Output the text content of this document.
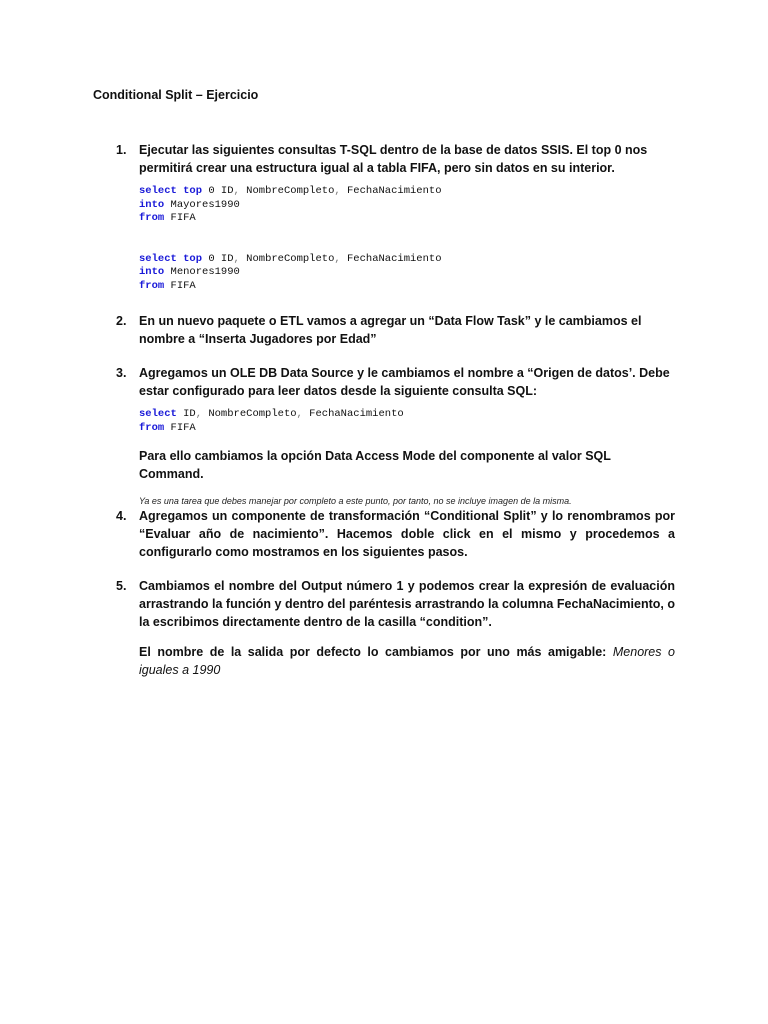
Conditional Split – Ejercicio
1.	Ejecutar las siguientes consultas T-SQL dentro de la base de datos SSIS. El top 0 nos permitirá crear una estructura igual al a tabla FIFA, pero sin datos en su interior.

select top 0 ID, NombreCompleto, FechaNacimiento
into Mayores1990
from FIFA
select top 0 ID, NombreCompleto, FechaNacimiento
into Menores1990
from FIFA
2.	En un nuevo paquete o ETL vamos a agregar un “Data Flow Task” y le cambiamos el nombre a “Inserta Jugadores por Edad”

3.	Agregamos un OLE DB Data Source y le cambiamos el nombre a “Origen de datos’. Debe estar configurado para leer datos desde la siguiente consulta SQL:

select ID, NombreCompleto, FechaNacimiento
from FIFA

Para ello cambiamos la opción Data Access Mode del componente al valor SQL Command.

Ya es una tarea que debes manejar por completo a este punto, por tanto, no se incluye imagen de la misma.

4.	Agregamos un componente de transformación “Conditional Split” y lo renombramos por “Evaluar año de nacimiento”. Hacemos doble click en el mismo y procedemos a configurarlo como mostramos en los siguientes pasos.

5.	Cambiamos el nombre del Output número 1 y podemos crear la expresión de evaluación arrastrando la función y dentro del paréntesis arrastrando la columna FechaNacimiento, o la escribimos directamente dentro de la casilla “condition”.

El nombre de la salida por defecto lo cambiamos por uno más amigable: Menores o iguales a 1990
